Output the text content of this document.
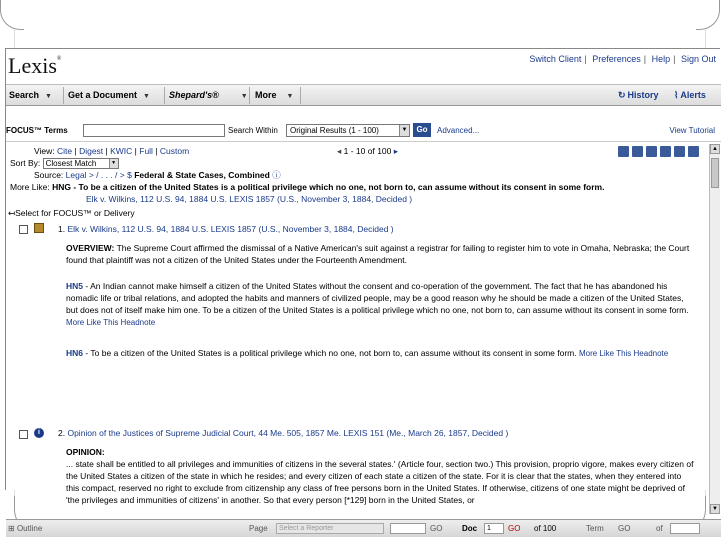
Lexis®	Switch Client | Preferences | Help | Sign Out
Search ▼ Get a Document ▼ Shepard's®	▼ More ▼	↻ History ⌇ Alerts
FOCUS™ Terms	Search Within	Original Results (1 - 100)	▼	Go	Advanced...	View Tutorial
View: Cite | Digest | KWIC | Full | Custom	◂ 1 - 10 of 100 ▸
Sort By: Closest Match	▼
Source: Legal > / . . . / > $ Federal & State Cases, Combined ⓘ
More Like: HNG - To be a citizen of the United States is a political privilege which no one, not born to, can assume without its consent in some form.
Elk v. Wilkins, 112 U.S. 94, 1884 U.S. LEXIS 1857 (U.S., November 3, 1884, Decided )
↤Select for FOCUS™ or Delivery
1. Elk v. Wilkins, 112 U.S. 94, 1884 U.S. LEXIS 1857 (U.S., November 3, 1884, Decided )
OVERVIEW: The Supreme Court affirmed the dismissal of a Native American's suit against a registrar for failing to register him to vote in Omaha, Nebraska; the Court found that plaintiff was not a citizen of the United States under the Fourteenth Amendment.
HN5 - An Indian cannot make himself a citizen of the United States without the consent and co-operation of the government. The fact that he has abandoned his nomadic life or tribal relations, and adopted the habits and manners of civilized people, may be a good reason why he should be made a citizen of the United States, but does not of itself make him one. To be a citizen of the United States is a political privilege which no one, not born to, can assume without its consent in some form. More Like This Headnote
HN6 - To be a citizen of the United States is a political privilege which no one, not born to, can assume without its consent in some form. More Like This Headnote
i	2. Opinion of the Justices of Supreme Judicial Court, 44 Me. 505, 1857 Me. LEXIS 151 (Me., March 26, 1857, Decided )
OPINION:
... state shall be entitled to all privileges and immunities of citizens in the several states.' (Article four, section two.) This provision, proprio vigore, makes every citizen of the United States a citizen of the state in which he resides; and every citizen of each state a citizen of the state. For it is clear that the states, when they entered into this compact, reserved no right to exclude from citizenship any class of free persons born in the United States. If otherwise, citizens of one state might be deprived of 'the privileges and immunities of citizens' in another. So that every person [*129] born in the United States, or
▲
▼
⊞ Outline	Page	Select a Reporter	GO Doc	1	GO of 100	Term GO	of
